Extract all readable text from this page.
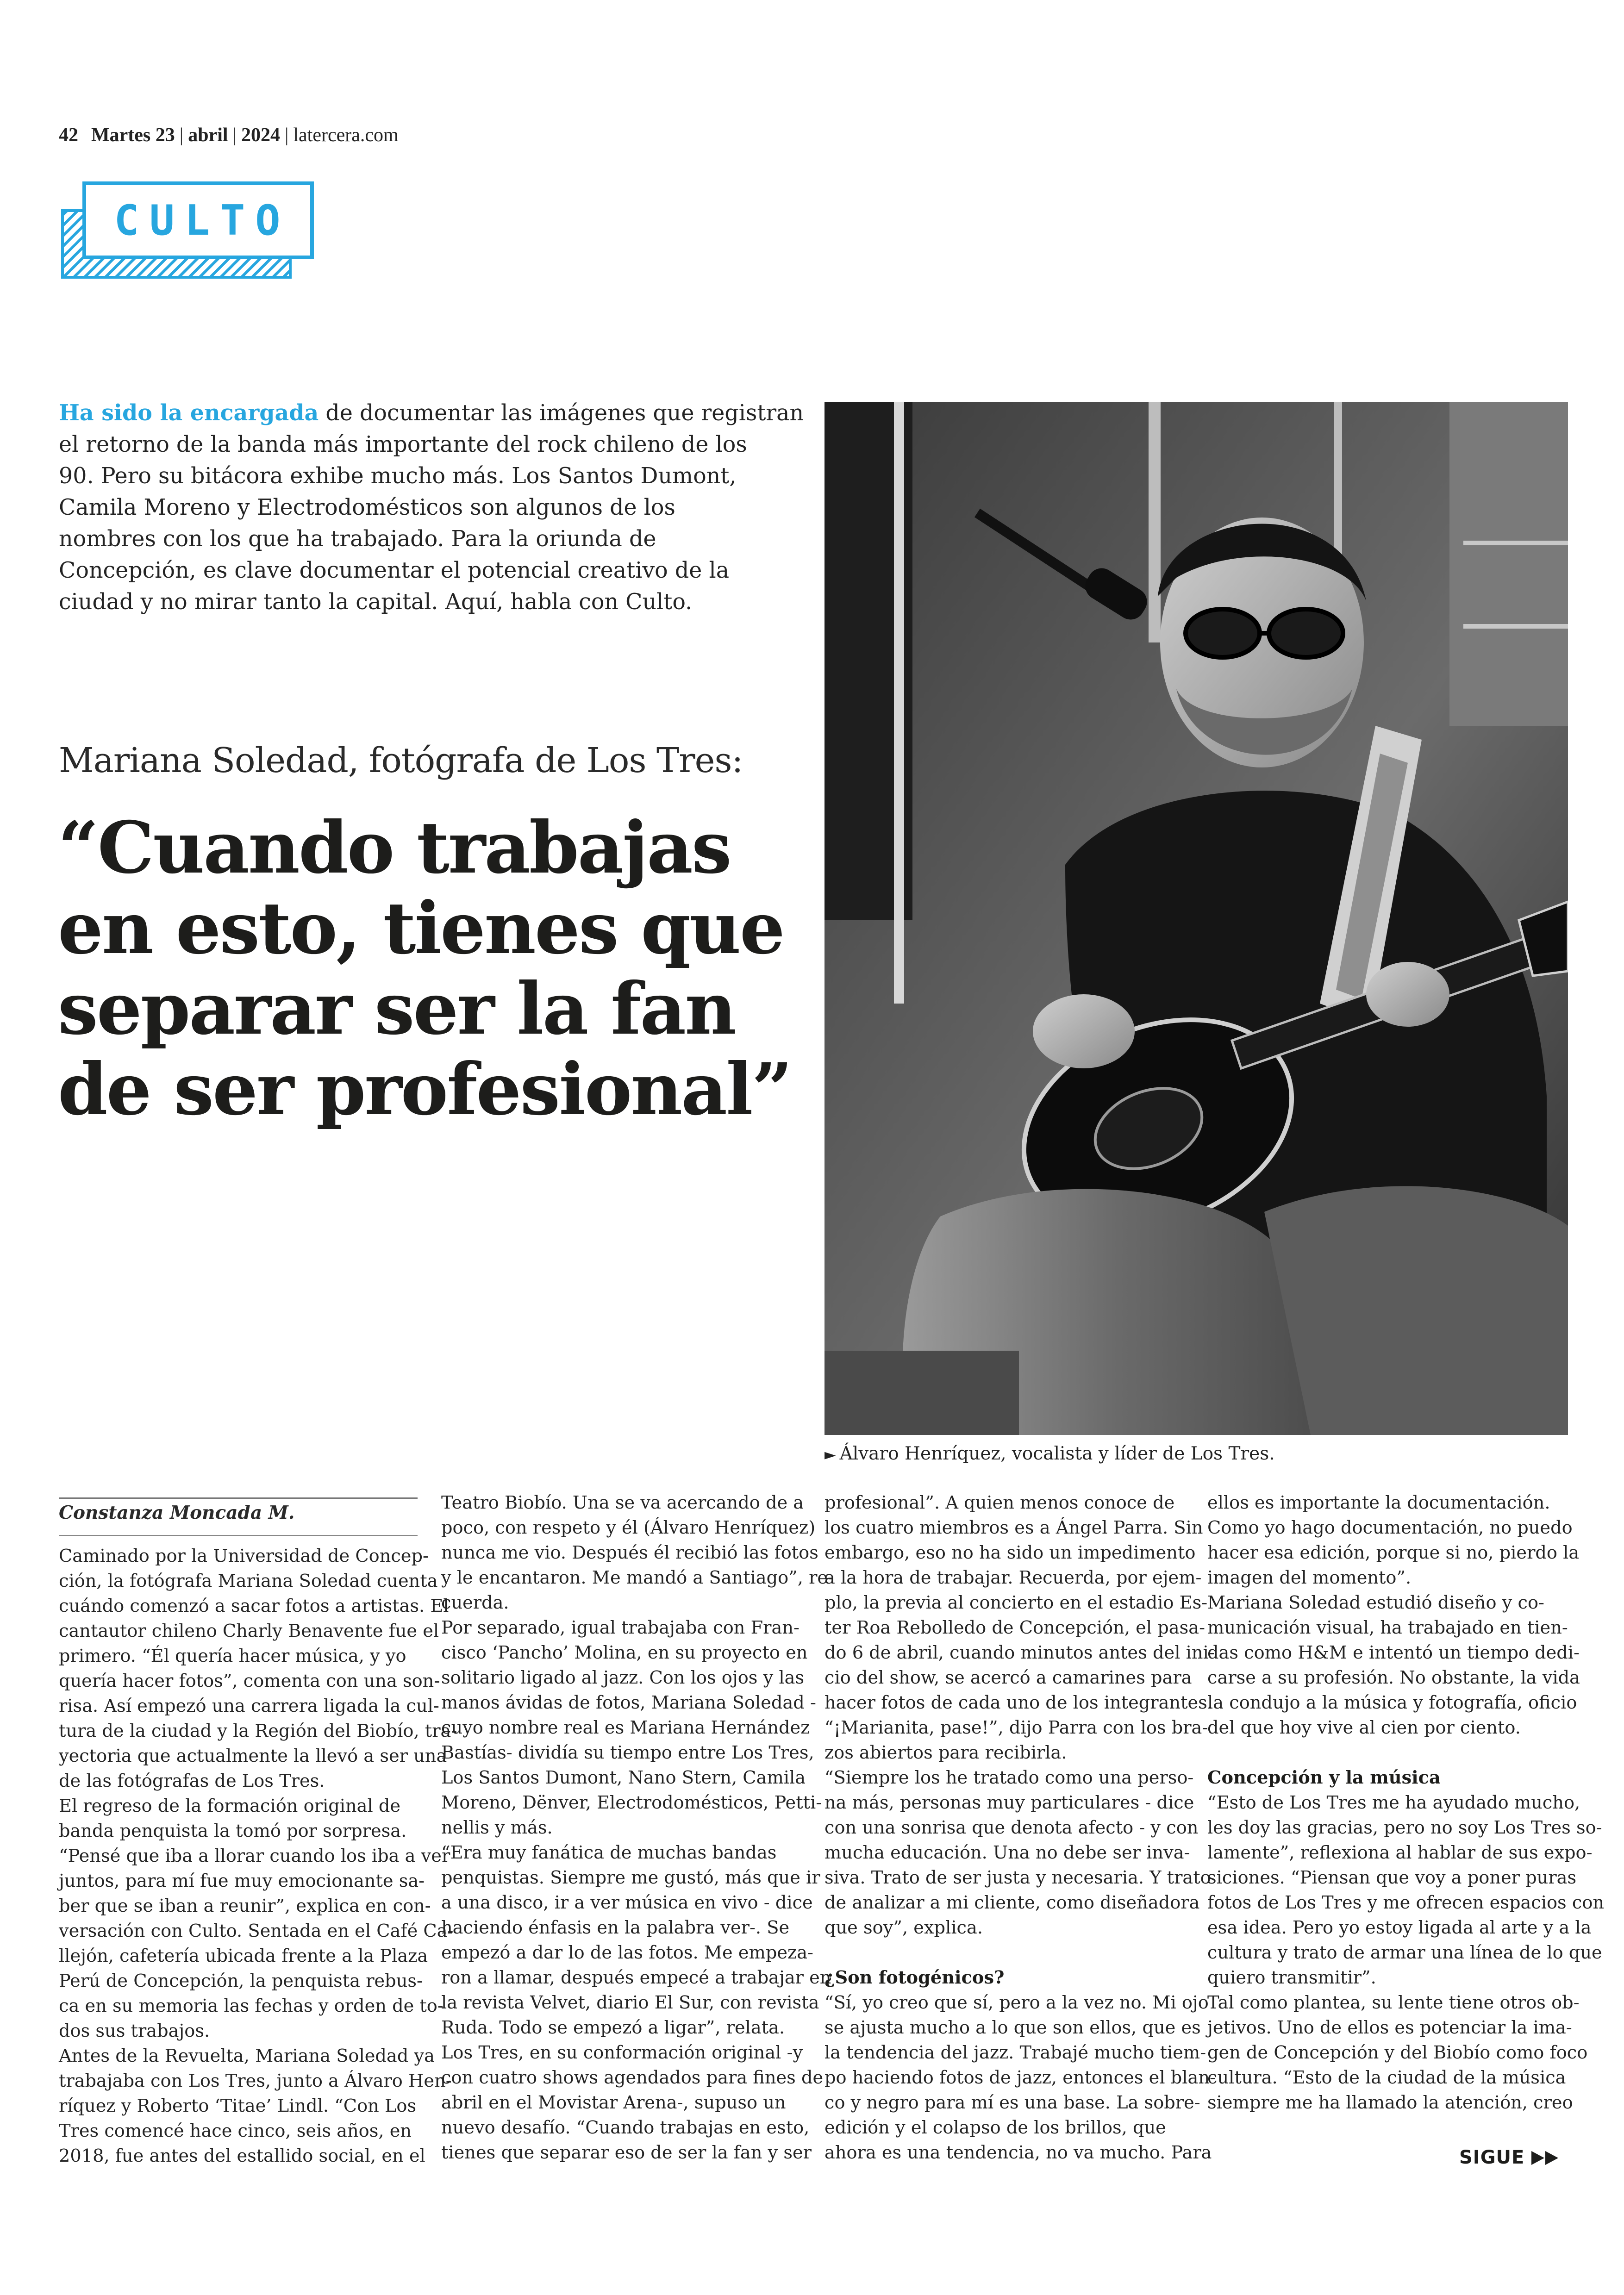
42 Martes 23 | abril | 2024 | latercera.com
CULTO
Ha sido la encargada de documentar las imágenes que registran
el retorno de la banda más importante del rock chileno de los
90. Pero su bitácora exhibe mucho más. Los Santos Dumont,
Camila Moreno y Electrodomésticos son algunos de los
nombres con los que ha trabajado. Para la oriunda de
Concepción, es clave documentar el potencial creativo de la
ciudad y no mirar tanto la capital. Aquí, habla con Culto.
Mariana Soledad, fotógrafa de Los Tres:
“Cuando trabajas
en esto, tienes que
separar ser la fan
de ser profesional”
► Álvaro Henríquez, vocalista y líder de Los Tres.
Constanza Moncada M.
Caminado por la Universidad de Concep-
ción, la fotógrafa Mariana Soledad cuenta
cuándo comenzó a sacar fotos a artistas. El
cantautor chileno Charly Benavente fue el
primero. “Él quería hacer música, y yo
quería hacer fotos”, comenta con una son-
risa. Así empezó una carrera ligada la cul-
tura de la ciudad y la Región del Biobío, tra-
yectoria que actualmente la llevó a ser una
de las fotógrafas de Los Tres.
El regreso de la formación original de
banda penquista la tomó por sorpresa.
“Pensé que iba a llorar cuando los iba a ver
juntos, para mí fue muy emocionante sa-
ber que se iban a reunir”, explica en con-
versación con Culto. Sentada en el Café Ca-
llejón, cafetería ubicada frente a la Plaza
Perú de Concepción, la penquista rebus-
ca en su memoria las fechas y orden de to-
dos sus trabajos.
Antes de la Revuelta, Mariana Soledad ya
trabajaba con Los Tres, junto a Álvaro Hen-
ríquez y Roberto ‘Titae’ Lindl. “Con Los
Tres comencé hace cinco, seis años, en
2018, fue antes del estallido social, en el
Teatro Biobío. Una se va acercando de a
poco, con respeto y él (Álvaro Henríquez)
nunca me vio. Después él recibió las fotos
y le encantaron. Me mandó a Santiago”, re-
cuerda.
Por separado, igual trabajaba con Fran-
cisco ‘Pancho’ Molina, en su proyecto en
solitario ligado al jazz. Con los ojos y las
manos ávidas de fotos, Mariana Soledad -
cuyo nombre real es Mariana Hernández
Bastías- dividía su tiempo entre Los Tres,
Los Santos Dumont, Nano Stern, Camila
Moreno, Dënver, Electrodomésticos, Petti-
nellis y más.
“Era muy fanática de muchas bandas
penquistas. Siempre me gustó, más que ir
a una disco, ir a ver música en vivo - dice
haciendo énfasis en la palabra ver-. Se
empezó a dar lo de las fotos. Me empeza-
ron a llamar, después empecé a trabajar en
la revista Velvet, diario El Sur, con revista
Ruda. Todo se empezó a ligar”, relata.
Los Tres, en su conformación original -y
con cuatro shows agendados para fines de
abril en el Movistar Arena-, supuso un
nuevo desafío. “Cuando trabajas en esto,
tienes que separar eso de ser la fan y ser
profesional”. A quien menos conoce de
los cuatro miembros es a Ángel Parra. Sin
embargo, eso no ha sido un impedimento
a la hora de trabajar. Recuerda, por ejem-
plo, la previa al concierto en el estadio Es-
ter Roa Rebolledo de Concepción, el pasa-
do 6 de abril, cuando minutos antes del ini-
cio del show, se acercó a camarines para
hacer fotos de cada uno de los integrantes.
“¡Marianita, pase!”, dijo Parra con los bra-
zos abiertos para recibirla.
“Siempre los he tratado como una perso-
na más, personas muy particulares - dice
con una sonrisa que denota afecto - y con
mucha educación. Una no debe ser inva-
siva. Trato de ser justa y necesaria. Y trato
de analizar a mi cliente, como diseñadora
que soy”, explica.

¿Son fotogénicos?
“Sí, yo creo que sí, pero a la vez no. Mi ojo
se ajusta mucho a lo que son ellos, que es
la tendencia del jazz. Trabajé mucho tiem-
po haciendo fotos de jazz, entonces el blan-
co y negro para mí es una base. La sobre-
edición y el colapso de los brillos, que
ahora es una tendencia, no va mucho. Para
ellos es importante la documentación.
Como yo hago documentación, no puedo
hacer esa edición, porque si no, pierdo la
imagen del momento”.
Mariana Soledad estudió diseño y co-
municación visual, ha trabajado en tien-
das como H&M e intentó un tiempo dedi-
carse a su profesión. No obstante, la vida
la condujo a la música y fotografía, oficio
del que hoy vive al cien por ciento.

Concepción y la música
“Esto de Los Tres me ha ayudado mucho,
les doy las gracias, pero no soy Los Tres so-
lamente”, reflexiona al hablar de sus expo-
siciones. “Piensan que voy a poner puras
fotos de Los Tres y me ofrecen espacios con
esa idea. Pero yo estoy ligada al arte y a la
cultura y trato de armar una línea de lo que
quiero transmitir”.
Tal como plantea, su lente tiene otros ob-
jetivos. Uno de ellos es potenciar la ima-
gen de Concepción y del Biobío como foco
cultura. “Esto de la ciudad de la música
siempre me ha llamado la atención, creo
SIGUE
